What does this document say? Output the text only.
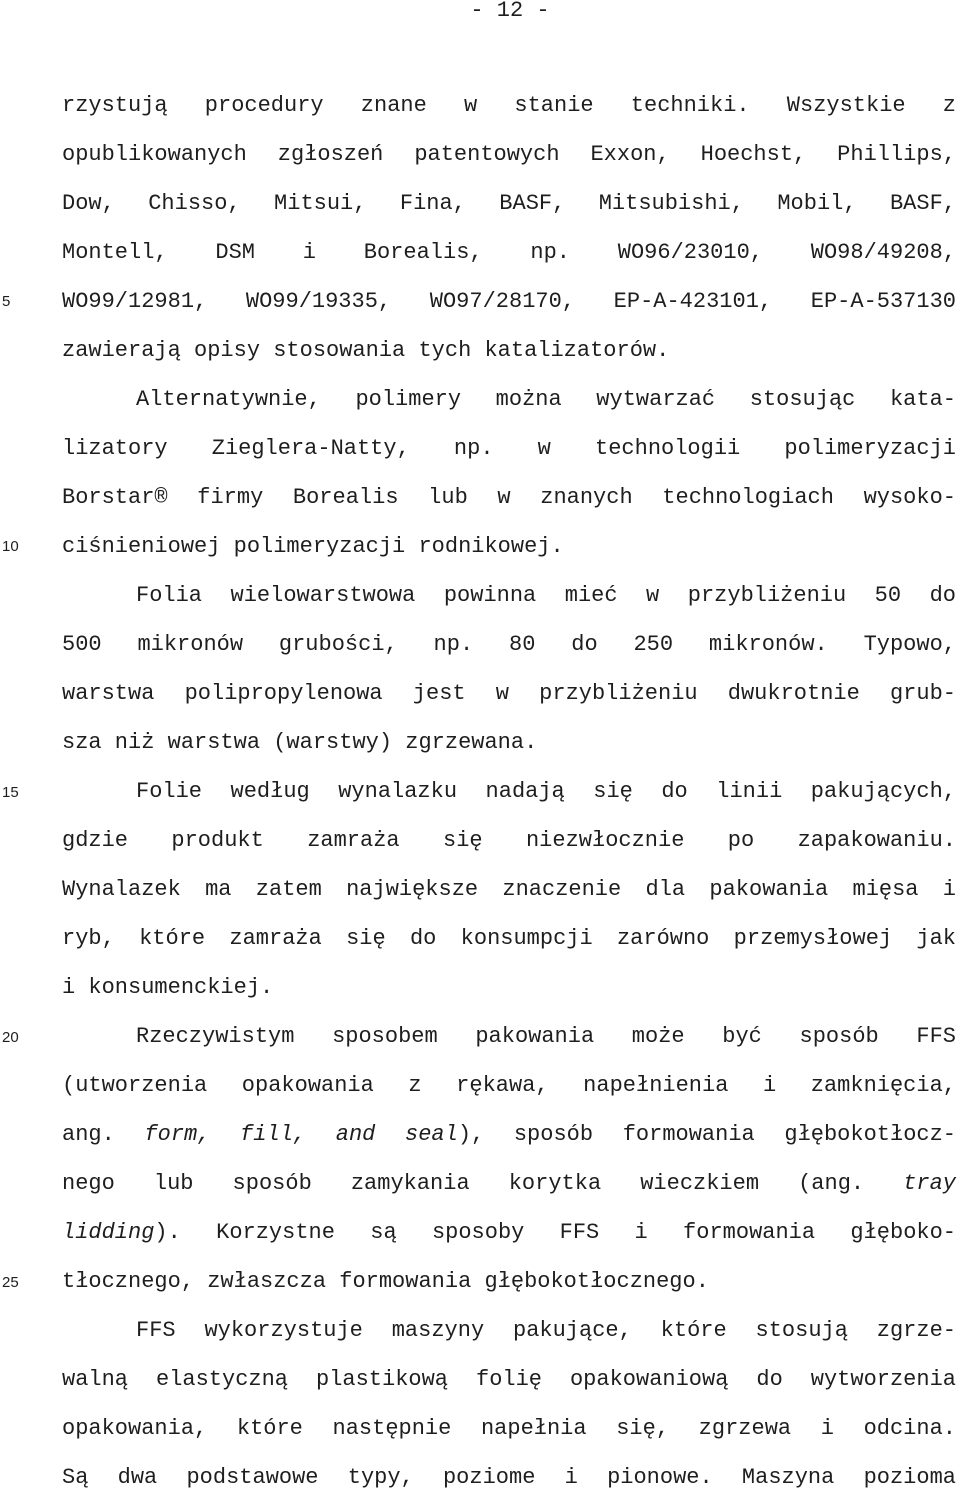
- 12 -
5
10
15
20
25
rzystują procedury znane w stanie techniki. Wszystkie z
opublikowanych zgłoszeń patentowych Exxon, Hoechst, Phillips,
Dow, Chisso, Mitsui, Fina, BASF, Mitsubishi, Mobil, BASF,
Montell, DSM i Borealis, np. WO96/23010, WO98/49208,
WO99/12981, WO99/19335, WO97/28170, EP-A-423101, EP-A-537130
zawierają opisy stosowania tych katalizatorów.
Alternatywnie, polimery można wytwarzać stosując kata-
lizatory Zieglera-Natty, np. w technologii polimeryzacji
Borstar® firmy Borealis lub w znanych technologiach wysoko-
ciśnieniowej polimeryzacji rodnikowej.
Folia wielowarstwowa powinna mieć w przybliżeniu 50 do
500 mikronów grubości, np. 80 do 250 mikronów. Typowo,
warstwa polipropylenowa jest w przybliżeniu dwukrotnie grub-
sza niż warstwa (warstwy) zgrzewana.
Folie według wynalazku nadają się do linii pakujących,
gdzie produkt zamraża się niezwłocznie po zapakowaniu.
Wynalazek ma zatem największe znaczenie dla pakowania mięsa i
ryb, które zamraża się do konsumpcji zarówno przemysłowej jak
i konsumenckiej.
Rzeczywistym sposobem pakowania może być sposób FFS
(utworzenia opakowania z rękawa, napełnienia i zamknięcia,
ang. form, fill, and seal), sposób formowania głębokotłocz-
nego lub sposób zamykania korytka wieczkiem (ang. tray
lidding). Korzystne są sposoby FFS i formowania głęboko-
tłocznego, zwłaszcza formowania głębokotłocznego.
FFS wykorzystuje maszyny pakujące, które stosują zgrze-
walną elastyczną plastikową folię opakowaniową do wytworzenia
opakowania, które następnie napełnia się, zgrzewa i odcina.
Są dwa podstawowe typy, poziome i pionowe. Maszyna pozioma
